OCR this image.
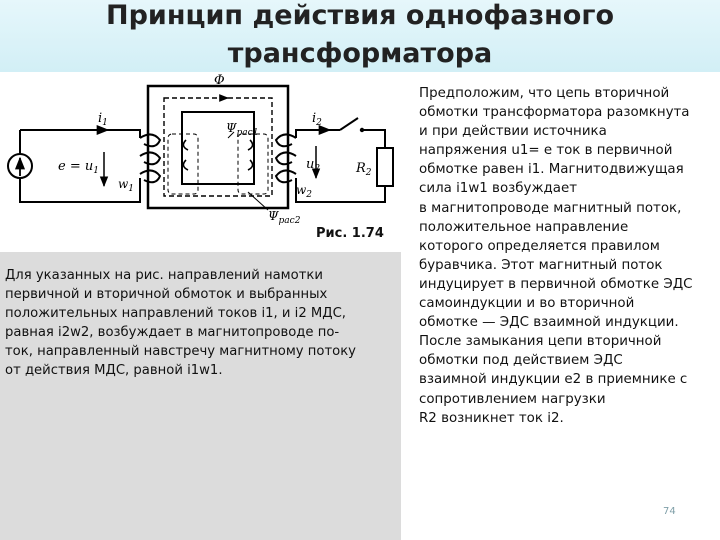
Принцип действия однофазного
трансформатора
Φ
$i_1$	$i_2$
$e = u_1$
$w_1$
$u_2$
$w_2$
$R_2$
$\Psi_{pac1}$
$\Psi_{pac2}$
Рис. 1.74
Для указанных на рис. направлений намотки
первичной и вторичной обмоток и выбранных
положительных направлений токов i1, и i2 МДС,
равная i2w2, возбуждает в магнитопроводе по-
ток, направленный навстречу магнитному потоку
от действия МДС, равной i1w1.
Предположим, что цепь вторичной
обмотки трансформатора разомкнута
и при действии источника
напряжения u1= e ток в первичной
обмотке равен i1. Магнитодвижущая
сила i1w1 возбуждает
в магнитопроводе магнитный поток,
положительное направление
которого определяется правилом
буравчика. Этот магнитный поток
индуцирует в первичной обмотке ЭДС
самоиндукции и во вторичной
обмотке — ЭДС взаимной индукции.
После замыкания цепи вторичной
обмотки под действием ЭДС
взаимной индукции е2 в приемнике с
сопротивлением нагрузки
R2 возникнет ток i2.
74
